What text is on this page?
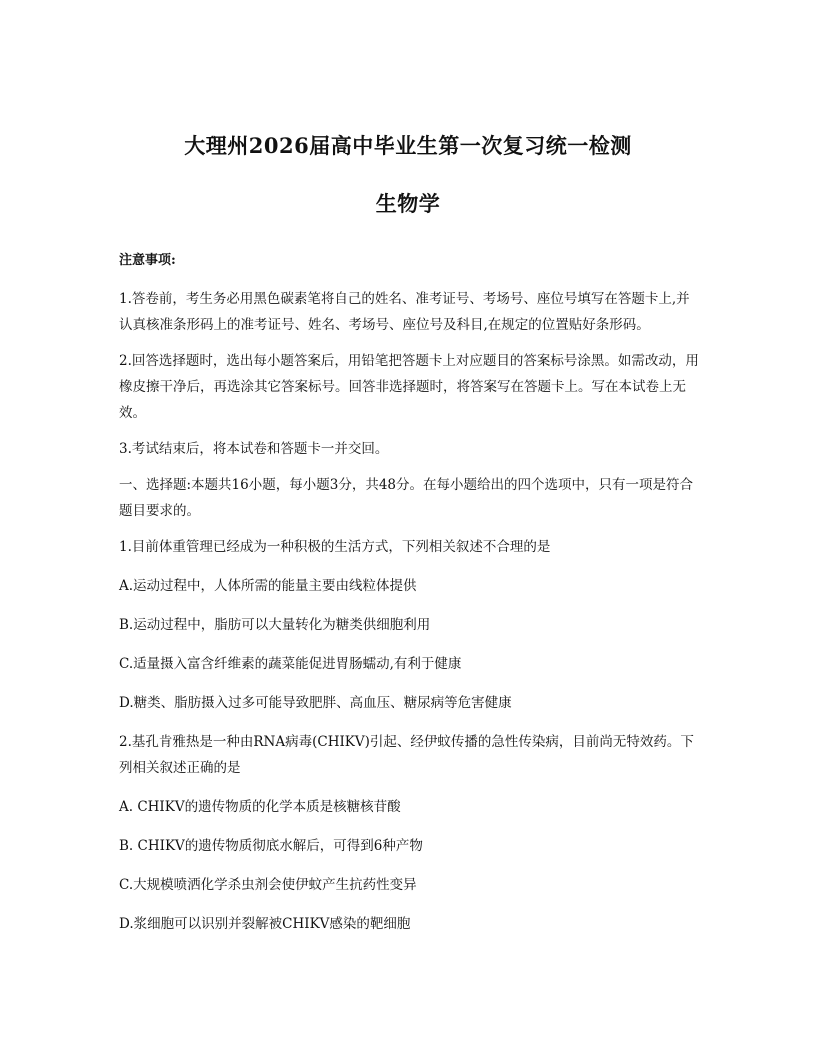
大理州2026届高中毕业生第一次复习统一检测
生物学

注意事项:

1.答卷前，考生务必用黑色碳素笔将自己的姓名、准考证号、考场号、座位号填写在答题卡上,并认真核准条形码上的准考证号、姓名、考场号、座位号及科目,在规定的位置贴好条形码。

2.回答选择题时，选出每小题答案后，用铅笔把答题卡上对应题目的答案标号涂黑。如需改动，用橡皮擦干净后，再选涂其它答案标号。回答非选择题时，将答案写在答题卡上。写在本试卷上无效。

3.考试结束后，将本试卷和答题卡一并交回。

一、选择题:本题共16小题，每小题3分，共48分。在每小题给出的四个选项中，只有一项是符合题目要求的。

1.目前体重管理已经成为一种积极的生活方式，下列相关叙述不合理的是

A.运动过程中，人体所需的能量主要由线粒体提供

B.运动过程中，脂肪可以大量转化为糖类供细胞利用

C.适量摄入富含纤维素的蔬菜能促进胃肠蠕动,有利于健康

D.糖类、脂肪摄入过多可能导致肥胖、高血压、糖尿病等危害健康

2.基孔肯雅热是一种由RNA病毒(CHIKV)引起、经伊蚊传播的急性传染病，目前尚无特效药。下列相关叙述正确的是

A. CHIKV的遗传物质的化学本质是核糖核苷酸

B. CHIKV的遗传物质彻底水解后，可得到6种产物

C.大规模喷洒化学杀虫剂会使伊蚊产生抗药性变异

D.浆细胞可以识别并裂解被CHIKV感染的靶细胞
